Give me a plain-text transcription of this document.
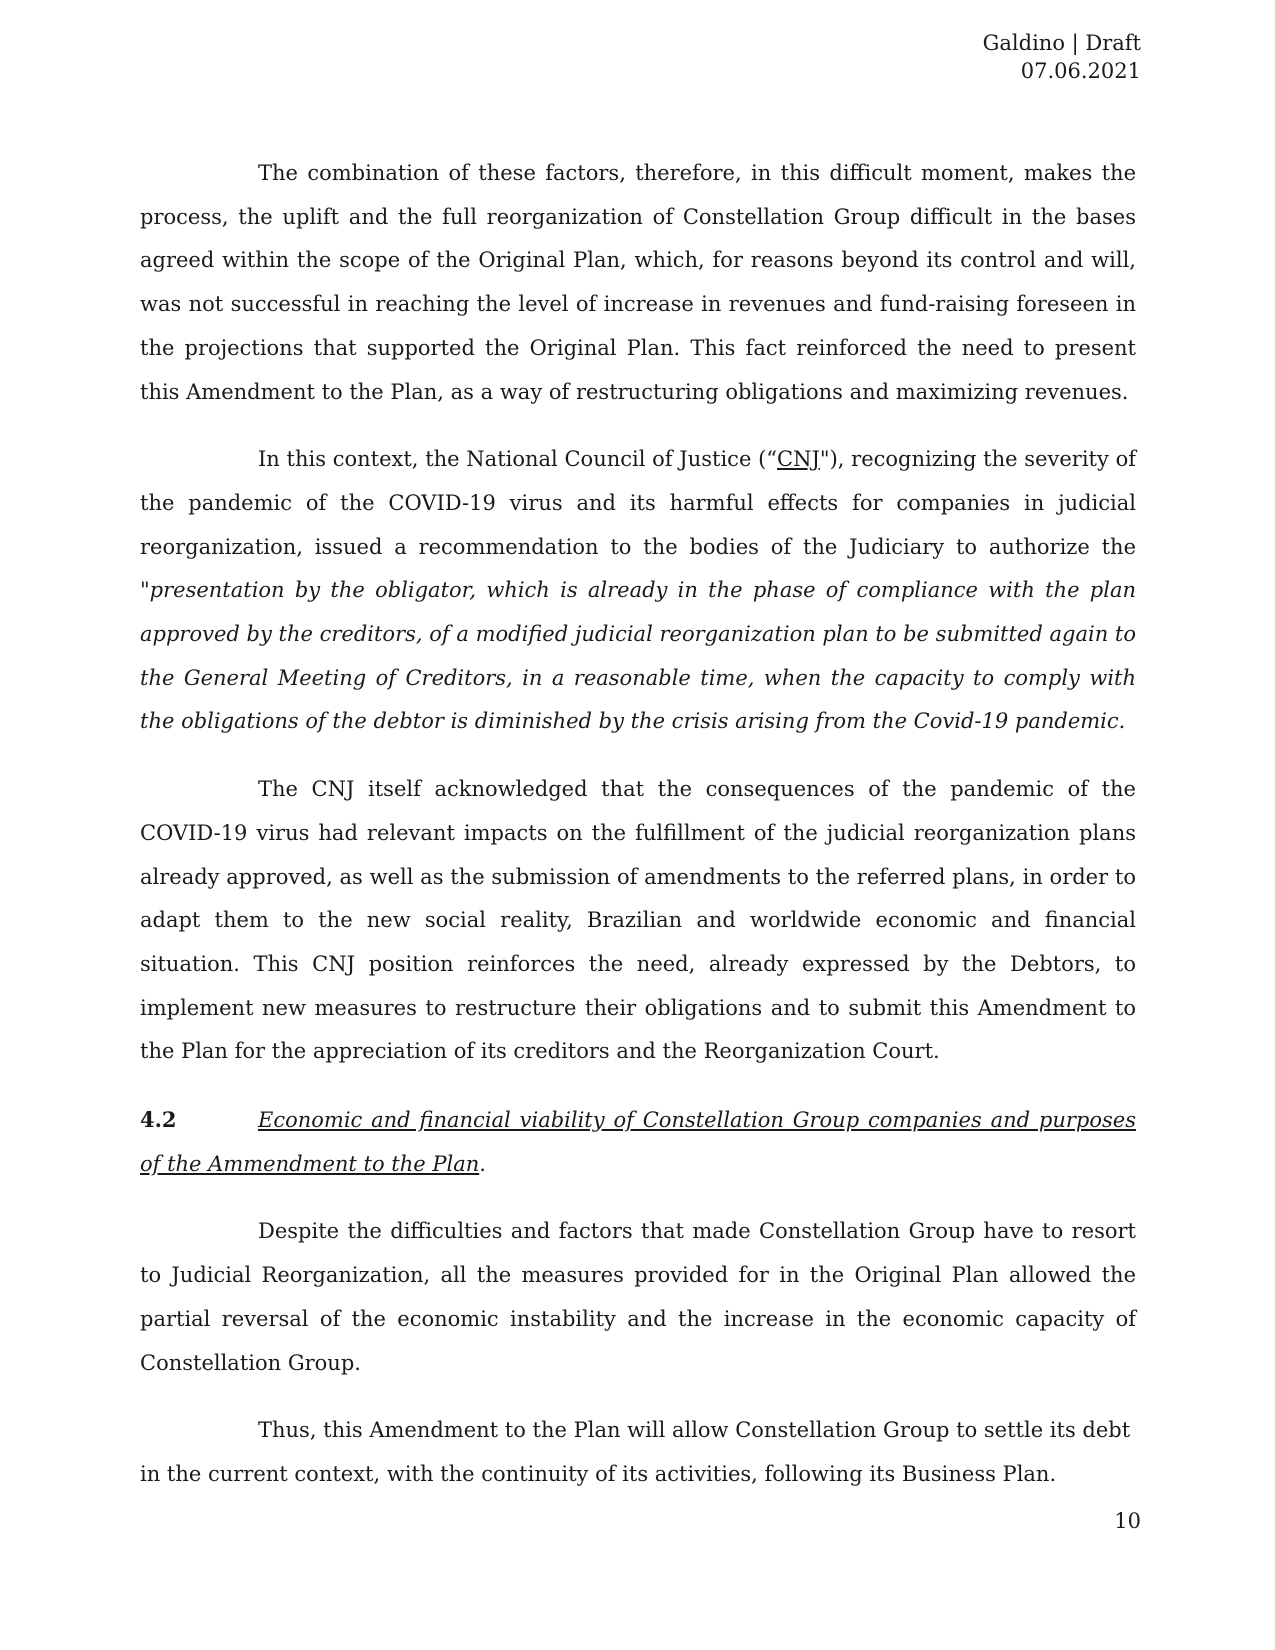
Galdino | Draft
07.06.2021

The combination of these factors, therefore, in this difficult moment, makes the process, the uplift and the full reorganization of Constellation Group difficult in the bases agreed within the scope of the Original Plan, which, for reasons beyond its control and will, was not successful in reaching the level of increase in revenues and fund-raising foreseen in the projections that supported the Original Plan. This fact reinforced the need to present this Amendment to the Plan, as a way of restructuring obligations and maximizing revenues.

In this context, the National Council of Justice (“CNJ"), recognizing the severity of the pandemic of the COVID-19 virus and its harmful effects for companies in judicial reorganization, issued a recommendation to the bodies of the Judiciary to authorize the "presentation by the obligator, which is already in the phase of compliance with the plan approved by the creditors, of a modified judicial reorganization plan to be submitted again to the General Meeting of Creditors, in a reasonable time, when the capacity to comply with the obligations of the debtor is diminished by the crisis arising from the Covid-19 pandemic.

The CNJ itself acknowledged that the consequences of the pandemic of the COVID-19 virus had relevant impacts on the fulfillment of the judicial reorganization plans already approved, as well as the submission of amendments to the referred plans, in order to adapt them to the new social reality, Brazilian and worldwide economic and financial situation. This CNJ position reinforces the need, already expressed by the Debtors, to implement new measures to restructure their obligations and to submit this Amendment to the Plan for the appreciation of its creditors and the Reorganization Court.

4.2	Economic and financial viability of Constellation Group companies and purposes of the Ammendment to the Plan.

Despite the difficulties and factors that made Constellation Group have to resort to Judicial Reorganization, all the measures provided for in the Original Plan allowed the partial reversal of the economic instability and the increase in the economic capacity of Constellation Group.

Thus, this Amendment to the Plan will allow Constellation Group to settle its debt in the current context, with the continuity of its activities, following its Business Plan.

10
